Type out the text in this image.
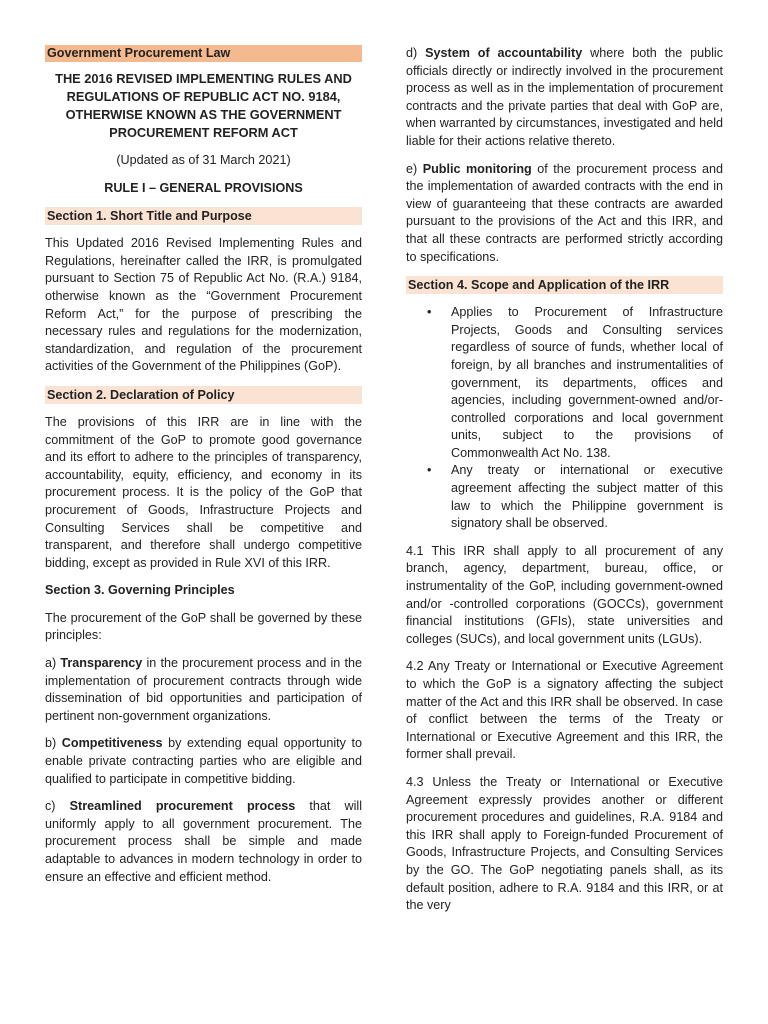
Government Procurement Law
THE 2016 REVISED IMPLEMENTING RULES AND REGULATIONS OF REPUBLIC ACT NO. 9184, OTHERWISE KNOWN AS THE GOVERNMENT PROCUREMENT REFORM ACT
(Updated as of 31 March 2021)
RULE I – GENERAL PROVISIONS
Section 1. Short Title and Purpose

This Updated 2016 Revised Implementing Rules and Regulations, hereinafter called the IRR, is promulgated pursuant to Section 75 of Republic Act No. (R.A.) 9184, otherwise known as the “Government Procurement Reform Act,” for the purpose of prescribing the necessary rules and regulations for the modernization, standardization, and regulation of the procurement activities of the Government of the Philippines (GoP).

Section 2. Declaration of Policy

The provisions of this IRR are in line with the commitment of the GoP to promote good governance and its effort to adhere to the principles of transparency, accountability, equity, efficiency, and economy in its procurement process. It is the policy of the GoP that procurement of Goods, Infrastructure Projects and Consulting Services shall be competitive and transparent, and therefore shall undergo competitive bidding, except as provided in Rule XVI of this IRR.

Section 3. Governing Principles

The procurement of the GoP shall be governed by these principles:

a) Transparency in the procurement process and in the implementation of procurement contracts through wide dissemination of bid opportunities and participation of pertinent non-government organizations.

b) Competitiveness by extending equal opportunity to enable private contracting parties who are eligible and qualified to participate in competitive bidding.

c) Streamlined procurement process that will uniformly apply to all government procurement. The procurement process shall be simple and made adaptable to advances in modern technology in order to ensure an effective and efficient method.

d) System of accountability where both the public officials directly or indirectly involved in the procurement process as well as in the implementation of procurement contracts and the private parties that deal with GoP are, when warranted by circumstances, investigated and held liable for their actions relative thereto.

e) Public monitoring of the procurement process and the implementation of awarded contracts with the end in view of guaranteeing that these contracts are awarded pursuant to the provisions of the Act and this IRR, and that all these contracts are performed strictly according to specifications.

Section 4. Scope and Application of the IRR
• Applies to Procurement of Infrastructure Projects, Goods and Consulting services regardless of source of funds, whether local of foreign, by all branches and instrumentalities of government, its departments, offices and agencies, including government-owned and/or-controlled corporations and local government units, subject to the provisions of Commonwealth Act No. 138.
• Any treaty or international or executive agreement affecting the subject matter of this law to which the Philippine government is signatory shall be observed.

4.1 This IRR shall apply to all procurement of any branch, agency, department, bureau, office, or instrumentality of the GoP, including government-owned and/or -controlled corporations (GOCCs), government financial institutions (GFIs), state universities and colleges (SUCs), and local government units (LGUs).

4.2 Any Treaty or International or Executive Agreement to which the GoP is a signatory affecting the subject matter of the Act and this IRR shall be observed. In case of conflict between the terms of the Treaty or International or Executive Agreement and this IRR, the former shall prevail.

4.3 Unless the Treaty or International or Executive Agreement expressly provides another or different procurement procedures and guidelines, R.A. 9184 and this IRR shall apply to Foreign-funded Procurement of Goods, Infrastructure Projects, and Consulting Services by the GO. The GoP negotiating panels shall, as its default position, adhere to R.A. 9184 and this IRR, or at the very
